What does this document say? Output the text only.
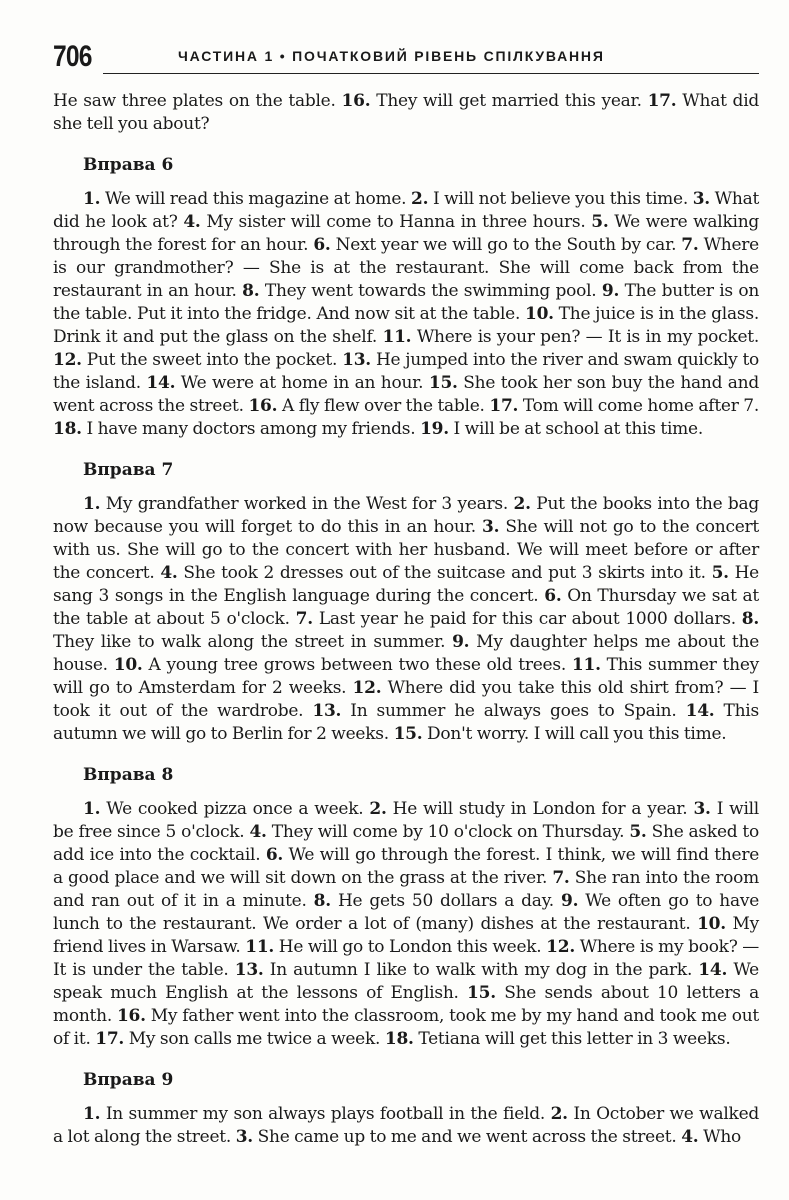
706	ЧАСТИНА 1 • ПОЧАТКОВИЙ РІВЕНЬ СПІЛКУВАННЯ

He saw three plates on the table. 16. They will get married this year. 17. What did she tell you about?

Вправа 6

1. We will read this magazine at home. 2. I will not believe you this time. 3. What did he look at? 4. My sister will come to Hanna in three hours. 5. We were walking through the forest for an hour. 6. Next year we will go to the South by car. 7. Where is our grandmother? — She is at the restaurant. She will come back from the restaurant in an hour. 8. They went towards the swimming pool. 9. The butter is on the table. Put it into the fridge. And now sit at the table. 10. The juice is in the glass. Drink it and put the glass on the shelf. 11. Where is your pen? — It is in my pocket. 12. Put the sweet into the pocket. 13. He jumped into the river and swam quickly to the island. 14. We were at home in an hour. 15. She took her son buy the hand and went across the street. 16. A fly flew over the table. 17. Tom will come home after 7. 18. I have many doctors among my friends. 19. I will be at school at this time.

Вправа 7

1. My grandfather worked in the West for 3 years. 2. Put the books into the bag now because you will forget to do this in an hour. 3. She will not go to the concert with us. She will go to the concert with her husband. We will meet before or after the concert. 4. She took 2 dresses out of the suitcase and put 3 skirts into it. 5. He sang 3 songs in the English language during the concert. 6. On Thursday we sat at the table at about 5 o'clock. 7. Last year he paid for this car about 1000 dollars. 8. They like to walk along the street in summer. 9. My daughter helps me about the house. 10. A young tree grows between two these old trees. 11. This summer they will go to Amsterdam for 2 weeks. 12. Where did you take this old shirt from? — I took it out of the wardrobe. 13. In summer he always goes to Spain. 14. This autumn we will go to Berlin for 2 weeks. 15. Don't worry. I will call you this time.

Вправа 8

1. We cooked pizza once a week. 2. He will study in London for a year. 3. I will be free since 5 o'clock. 4. They will come by 10 o'clock on Thursday. 5. She asked to add ice into the cocktail. 6. We will go through the forest. I think, we will find there a good place and we will sit down on the grass at the river. 7. She ran into the room and ran out of it in a minute. 8. He gets 50 dollars a day. 9. We often go to have lunch to the restaurant. We order a lot of (many) dishes at the restaurant. 10. My friend lives in Warsaw. 11. He will go to London this week. 12. Where is my book? — It is under the table. 13. In autumn I like to walk with my dog in the park. 14. We speak much English at the lessons of English. 15. She sends about 10 letters a month. 16. My father went into the classroom, took me by my hand and took me out of it. 17. My son calls me twice a week. 18. Tetiana will get this letter in 3 weeks.

Вправа 9

1. In summer my son always plays football in the field. 2. In October we walked a lot along the street. 3. She came up to me and we went across the street. 4. Who
